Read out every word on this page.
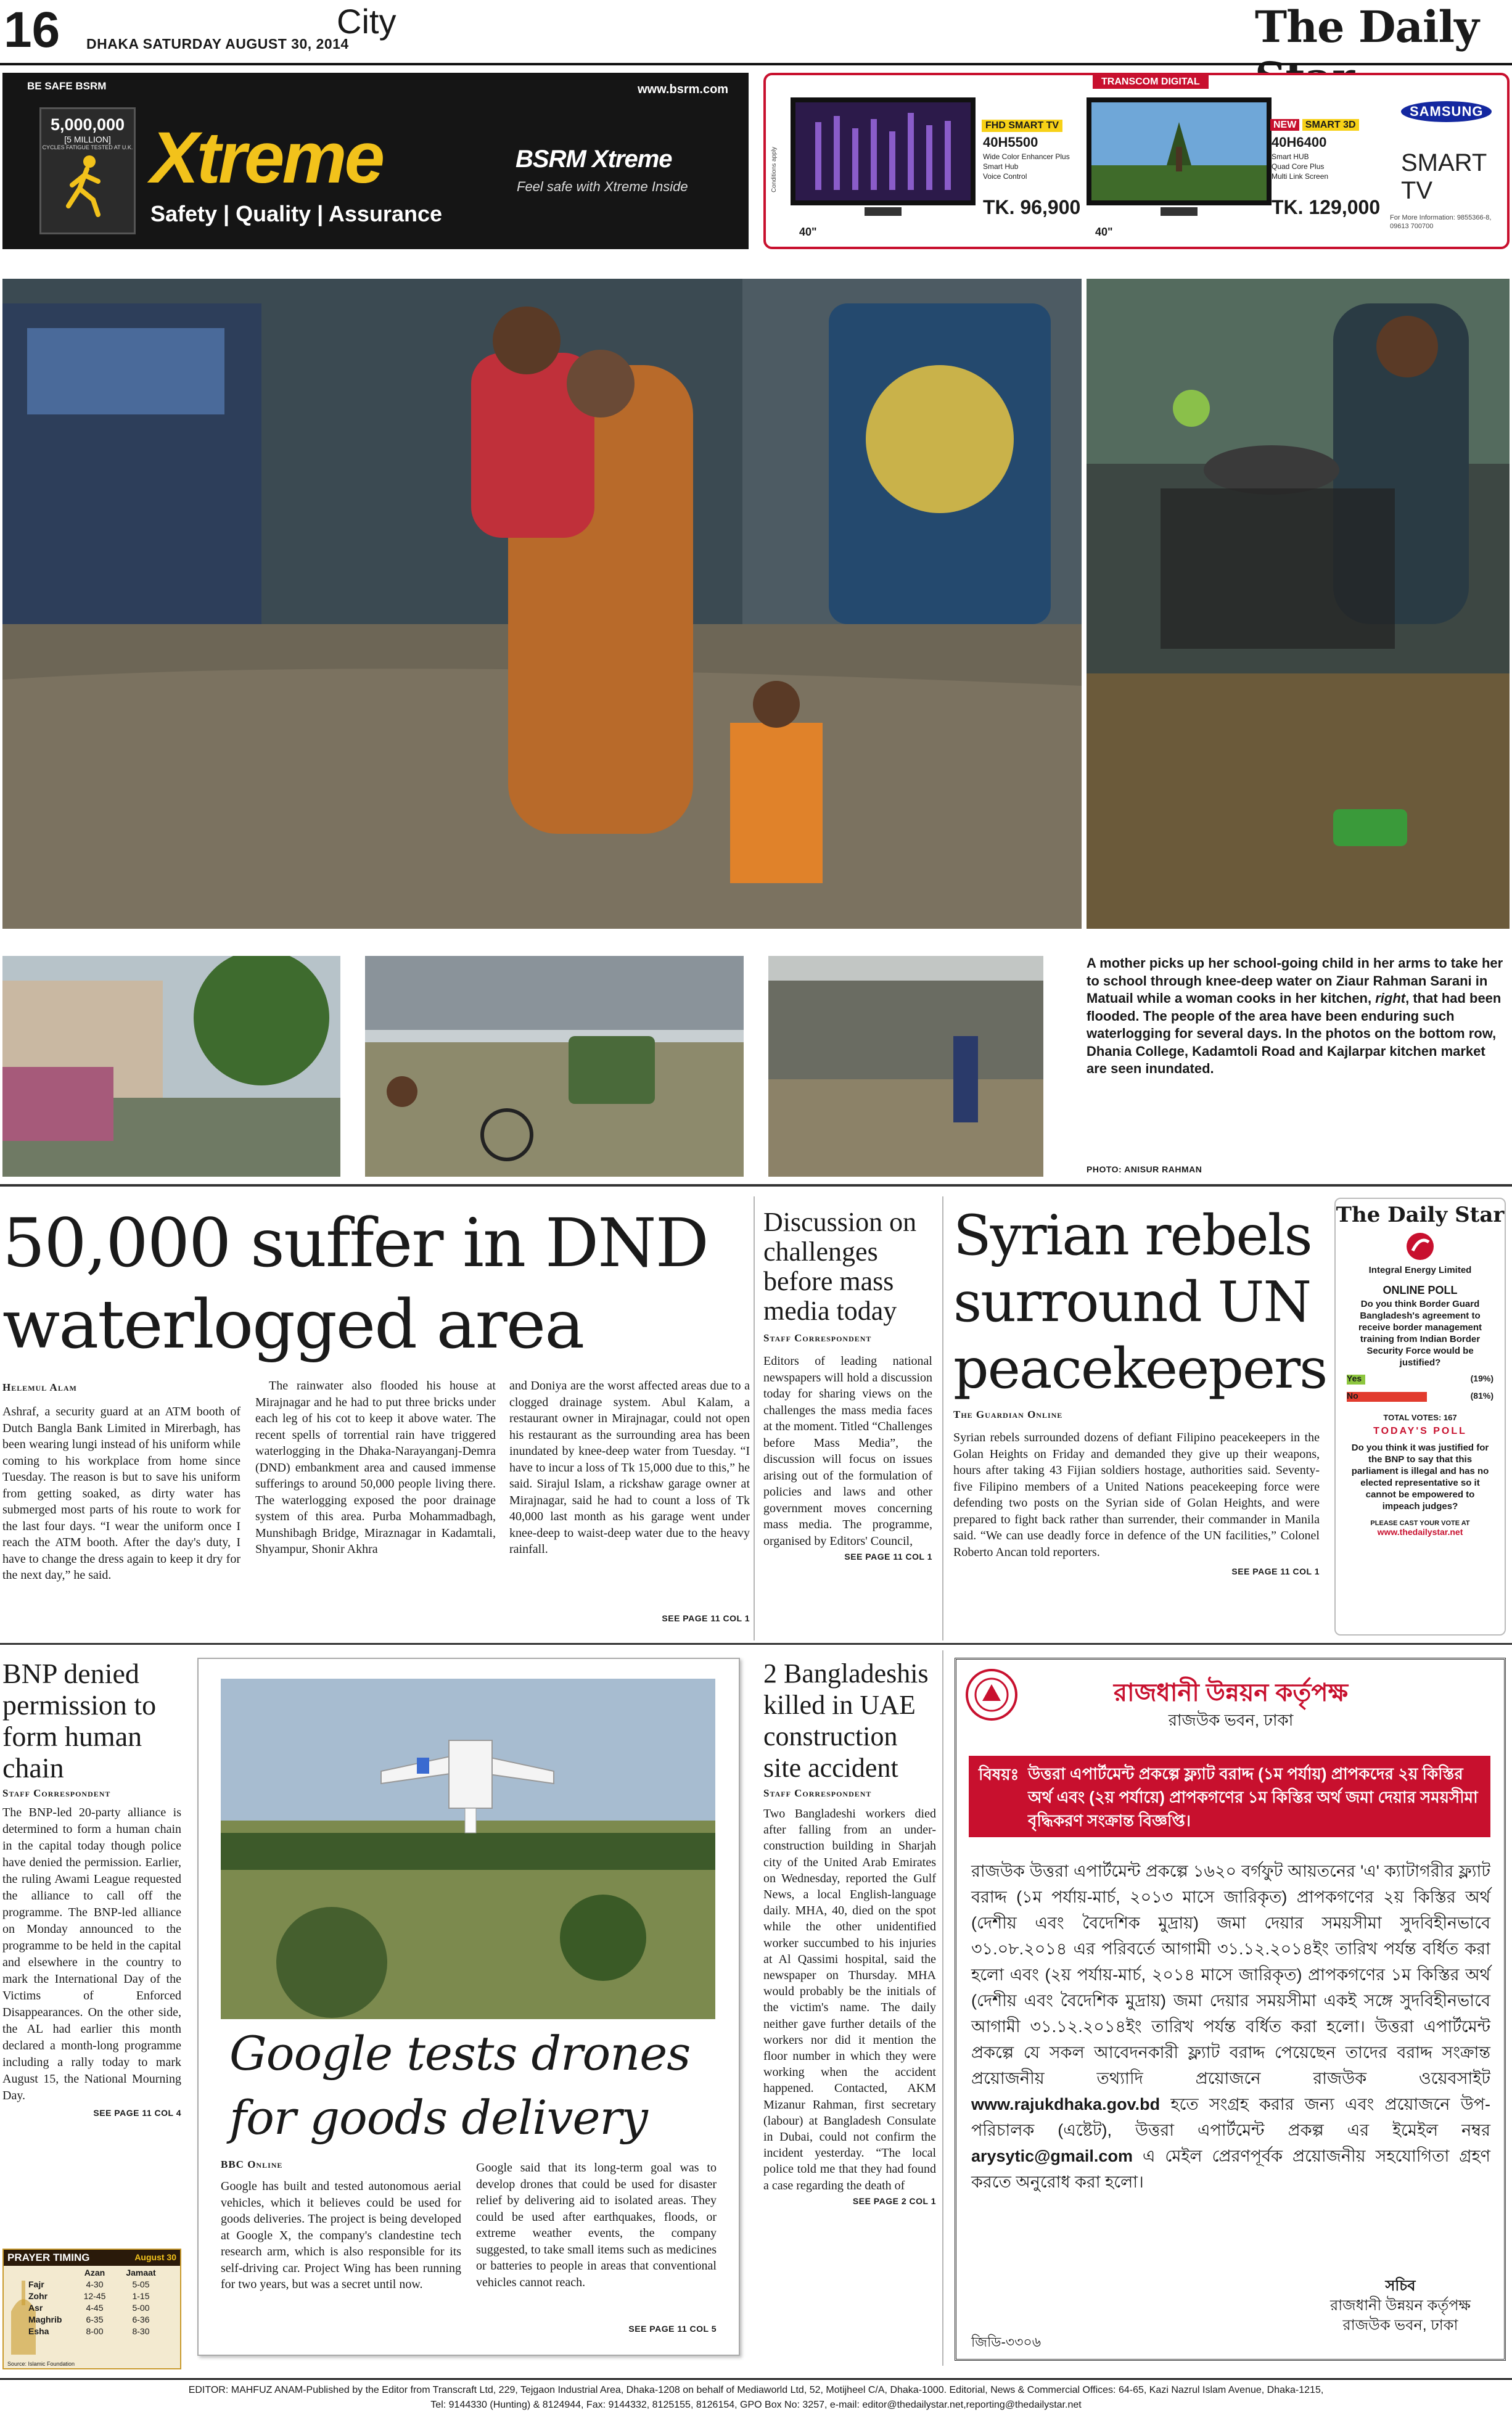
16 DHAKA SATURDAY AUGUST 30, 2014
City	The Daily
BE SAFE BSRM	www.bsrm.com
5,000,000
[5 MILLION]
CYCLES FATIGUE TESTED AT U.K. Xtreme
Safety | Quality | Assurance
BSRM Xtreme
Feel safe with Xtreme Inside
TRANSCOM DIGITAL
40"
FHD SMART TV
40H5500
Wide Color Enhancer Plus
Smart Hub
Voice Control
TK. 96,900
40"
NEW SMART 3D
40H6400
Smart HUB
Quad Core Plus
Multi Link Screen
TK. 129,000
SAMSUNG
SMART TV
For More Information: 9855366-8, 09613 700700
Conditions apply
A mother picks up her school-going child in her arms to take her to school through knee-deep water on Ziaur Rahman Sarani in Matuail while a woman cooks in her kitchen, right, that had been flooded. The people of the area have been enduring such waterlogging for several days. In the photos on the bottom row, Dhania College, Kadamtoli Road and Kajlarpar kitchen market are seen inundated.
PHOTO: ANISUR RAHMAN
50,000 suffer in DND waterlogged area
Helemul Alam

Ashraf, a security guard at an ATM booth of Dutch Bangla Bank Limited in Mirerbagh, has been wearing lungi instead of his uniform while coming to his workplace from home since Tuesday. The reason is but to save his uniform from getting soaked, as dirty water has submerged most parts of his route to work for the last four days. “I wear the uniform once I reach the ATM booth. After the day's duty, I have to change the dress again to keep it dry for the next day,” he said.

The rainwater also flooded his house at Mirajnagar and he had to put three bricks under each leg of his cot to keep it above water. The recent spells of torrential rain have triggered waterlogging in the Dhaka-Narayanganj-Demra (DND) embankment area and caused immense sufferings to around 50,000 people living there. The waterlogging exposed the poor drainage system of this area. Purba Mohammadbagh, Munshibagh Bridge, Miraznagar in Kadamtali, Shyampur, Shonir Akhra

and Doniya are the worst affected areas due to a clogged drainage system. Abul Kalam, a restaurant owner in Mirajnagar, could not open his restaurant as the surrounding area has been inundated by knee-deep water from Tuesday. “I have to incur a loss of Tk 15,000 due to this,” he said. Sirajul Islam, a rickshaw garage owner at Mirajnagar, said he had to count a loss of Tk 40,000 last month as his garage went under knee-deep to waist-deep water due to the heavy rainfall.

SEE PAGE 11 COL 1
Discussion on challenges before mass media today
Staff Correspondent

Editors of leading national newspapers will hold a discussion today for sharing views on the challenges the mass media faces at the moment. Titled “Challenges before Mass Media”, the discussion will focus on issues arising out of the formulation of policies and laws and other government moves concerning mass media. The programme, organised by Editors' Council,

SEE PAGE 11 COL 1
Syrian rebels surround UN peacekeepers
The Guardian Online

Syrian rebels surrounded dozens of defiant Filipino peacekeepers in the Golan Heights on Friday and demanded they give up their weapons, hours after taking 43 Fijian soldiers hostage, authorities said. Seventy-five Filipino members of a United Nations peacekeeping force were defending two posts on the Syrian side of Golan Heights, and were prepared to fight back rather than surrender, their commander in Manila said. “We can use deadly force in defence of the UN facilities,” Colonel Roberto Ancan told reporters.

SEE PAGE 11 COL 1
The Daily Star
Integral Energy Limited
ONLINE POLL
Do you think Border Guard Bangladesh's agreement to receive border management training from Indian Border Security Force would be justified?
Yes	(19%)
No	(81%)
TOTAL VOTES: 167
TODAY'S POLL
Do you think it was justified for the BNP to say that this parliament is illegal and has no elected representative so it cannot be empowered to impeach judges?
PLEASE CAST YOUR VOTE AT
www.thedailystar.net
BNP denied permission to form human chain
Staff Correspondent

The BNP-led 20-party alliance is determined to form a human chain in the capital today though police have denied the permission. Earlier, the ruling Awami League requested the alliance to call off the programme. The BNP-led alliance on Monday announced to the programme to be held in the capital and elsewhere in the country to mark the International Day of the Victims of Enforced Disappearances. On the other side, the AL had earlier this month declared a month-long programme including a rally today to mark August 15, the National Mourning Day.

SEE PAGE 11 COL 4
PRAYER TIMING	August 30
Azan	Jamaat
Fajr	4-30	5-05
Zohr	12-45	1-15
Asr	4-45	5-00
Maghrib	6-35	6-36
Esha	8-00	8-30
Source: Islamic Foundation
Google tests drones
for goods delivery
BBC Online

Google has built and tested autonomous aerial vehicles, which it believes could be used for goods deliveries. The project is being developed at Google X, the company's clandestine tech research arm, which is also responsible for its self-driving car. Project Wing has been running for two years, but was a secret until now.

Google said that its long-term goal was to develop drones that could be used for disaster relief by delivering aid to isolated areas. They could be used after earthquakes, floods, or extreme weather events, the company suggested, to take small items such as medicines or batteries to people in areas that conventional vehicles cannot reach.

SEE PAGE 11 COL 5
2 Bangladeshis killed in UAE construction site accident
Staff Correspondent

Two Bangladeshi workers died after falling from an under-construction building in Sharjah city of the United Arab Emirates on Wednesday, reported the Gulf News, a local English-language daily. MHA, 40, died on the spot while the other unidentified worker succumbed to his injuries at Al Qassimi hospital, said the newspaper on Thursday. MHA would probably be the initials of the victim's name. The daily neither gave further details of the workers nor did it mention the floor number in which they were working when the accident happened. Contacted, AKM Mizanur Rahman, first secretary (labour) at Bangladesh Consulate in Dubai, could not confirm the incident yesterday. “The local police told me that they had found a case regarding the death of

SEE PAGE 2 COL 1
রাজধানী উন্নয়ন কর্তৃপক্ষ
রাজউক ভবন, ঢাকা
বিষয়ঃ উত্তরা এপার্টমেন্ট প্রকল্পে ফ্ল্যাট বরাদ্দ (১ম পর্যায়) প্রাপকদের ২য় কিস্তির অর্থ এবং (২য় পর্যায়ে) প্রাপকগণের ১ম কিস্তির অর্থ জমা দেয়ার সময়সীমা বৃদ্ধিকরণ সংক্রান্ত বিজ্ঞপ্তি।
রাজউক উত্তরা এপার্টমেন্ট প্রকল্পে ১৬২০ বর্গফুট আয়তনের 'এ' ক্যাটাগরীর ফ্ল্যাট বরাদ্দ (১ম পর্যায়-মার্চ, ২০১৩ মাসে জারিকৃত) প্রাপকগণের ২য় কিস্তির অর্থ (দেশীয় এবং বৈদেশিক মুদ্রায়) জমা দেয়ার সময়সীমা সুদবিহীনভাবে ৩১.০৮.২০১৪ এর পরিবর্তে আগামী ৩১.১২.২০১৪ইং তারিখ পর্যন্ত বর্ধিত করা হলো এবং (২য় পর্যায়-মার্চ, ২০১৪ মাসে জারিকৃত) প্রাপকগণের ১ম কিস্তির অর্থ (দেশীয় এবং বৈদেশিক মুদ্রায়) জমা দেয়ার সময়সীমা একই সঙ্গে সুদবিহীনভাবে আগামী ৩১.১২.২০১৪ইং তারিখ পর্যন্ত বর্ধিত করা হলো। উত্তরা এপার্টমেন্ট প্রকল্পে যে সকল আবেদনকারী ফ্ল্যাট বরাদ্দ পেয়েছেন তাদের বরাদ্দ সংক্রান্ত প্রয়োজনীয় তথ্যাদি প্রয়োজনে রাজউক ওয়েবসাইট www.rajukdhaka.gov.bd হতে সংগ্রহ করার জন্য এবং প্রয়োজনে উপ-পরিচালক (এষ্টেট), উত্তরা এপার্টমেন্ট প্রকল্প এর ইমেইল নম্বর arysytic@gmail.com এ মেইল প্রেরণপূর্বক প্রয়োজনীয় সহযোগিতা গ্রহণ করতে অনুরোধ করা হলো।
সচিব
রাজধানী উন্নয়ন কর্তৃপক্ষ
রাজউক ভবন, ঢাকা
জিডি-৩৩০৬
EDITOR: MAHFUZ ANAM-Published by the Editor from Transcraft Ltd, 229, Tejgaon Industrial Area, Dhaka-1208 on behalf of Mediaworld Ltd, 52, Motijheel C/A, Dhaka-1000. Editorial, News & Commercial Offices: 64-65, Kazi Nazrul Islam Avenue, Dhaka-1215,
Tel: 9144330 (Hunting) & 8124944, Fax: 9144332, 8125155, 8126154, GPO Box No: 3257, e-mail: editor@thedailystar.net,reporting@thedailystar.net
